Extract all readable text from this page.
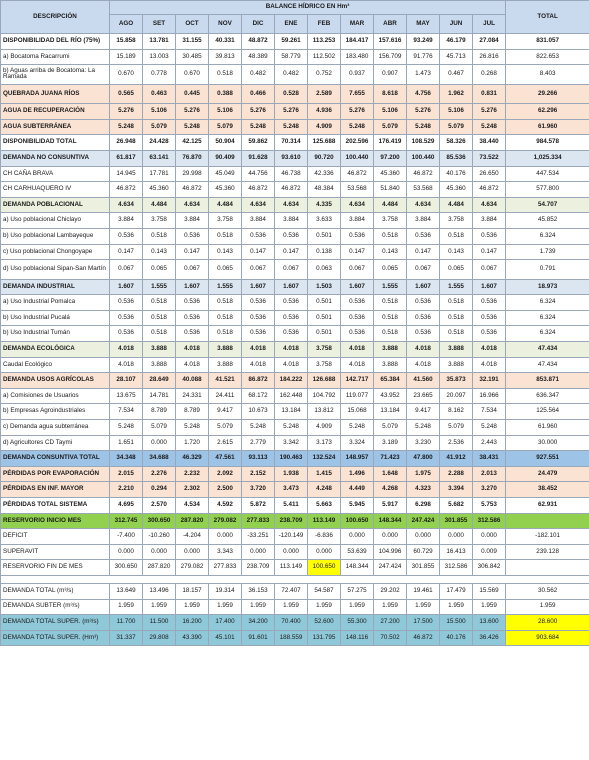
DESCRIPCIÓN	BALANCE HÍDRICO EN Hm³												TOTAL
	AGO	SET	OCT	NOV	DIC	ENE	FEB	MAR	ABR	MAY	JUN	JUL	
DISPONIBILIDAD DEL RÍO (75%)	15.858	13.781	31.155	40.331	48.872	59.261	113.253	184.417	157.616	93.249	46.179	27.084	831.057
a) Bocatoma Racarrumi	15.189	13.003	30.485	39.813	48.389	58.779	112.502	183.480	156.709	91.776	45.713	26.816	822.653
b) Aguas arriba de Bocatoma: La Ramada	0.670	0.778	0.670	0.518	0.482	0.482	0.752	0.937	0.907	1.473	0.467	0.268	8.403
QUEBRADA JUANA RÍOS	0.565	0.463	0.445	0.388	0.466	0.528	2.589	7.655	8.618	4.756	1.962	0.831	29.266
AGUA DE RECUPERACIÓN	5.276	5.106	5.276	5.106	5.276	5.276	4.936	5.276	5.106	5.276	5.106	5.276	62.296
AGUA SUBTERRÁNEA	5.248	5.079	5.248	5.079	5.248	5.248	4.909	5.248	5.079	5.248	5.079	5.248	61.960
DISPONIBILIDAD TOTAL	26.948	24.428	42.125	50.904	59.862	70.314	125.688	202.596	176.419	108.529	58.326	38.440	984.578
DEMANDA NO CONSUNTIVA	61.817	63.141	76.870	90.409	91.628	93.610	90.720	100.440	97.200	100.440	85.536	73.522	1,025.334
CH CAÑA BRAVA	14.945	17.781	29.998	45.049	44.756	46.738	42.336	46.872	45.360	46.872	40.176	26.650	447.534
CH CARHUAQUERO IV	46.872	45.360	46.872	45.360	46.872	46.872	48.384	53.568	51.840	53.568	45.360	46.872	577.800
DEMANDA POBLACIONAL	4.634	4.484	4.634	4.484	4.634	4.634	4.335	4.634	4.484	4.634	4.484	4.634	54.707
a) Uso poblacional Chiclayo	3.884	3.758	3.884	3.758	3.884	3.884	3.633	3.884	3.758	3.884	3.758	3.884	45.852
b) Uso poblacional Lambayeque	0.536	0.518	0.536	0.518	0.536	0.536	0.501	0.536	0.518	0.536	0.518	0.536	6.324
c) Uso poblacional Chongoyape	0.147	0.143	0.147	0.143	0.147	0.147	0.138	0.147	0.143	0.147	0.143	0.147	1.739
d) Uso poblacional Sipan-San Martín	0.067	0.065	0.067	0.065	0.067	0.067	0.063	0.067	0.065	0.067	0.065	0.067	0.791
DEMANDA INDUSTRIAL	1.607	1.555	1.607	1.555	1.607	1.607	1.503	1.607	1.555	1.607	1.555	1.607	18.973
a) Uso Industrial Pomalca	0.536	0.518	0.536	0.518	0.536	0.536	0.501	0.536	0.518	0.536	0.518	0.536	6.324
b) Uso Industrial Pucalá	0.536	0.518	0.536	0.518	0.536	0.536	0.501	0.536	0.518	0.536	0.518	0.536	6.324
b) Uso Industrial Tumán	0.536	0.518	0.536	0.518	0.536	0.536	0.501	0.536	0.518	0.536	0.518	0.536	6.324
DEMANDA ECOLÓGICA	4.018	3.888	4.018	3.888	4.018	4.018	3.758	4.018	3.888	4.018	3.888	4.018	47.434
Caudal Ecológico	4.018	3.888	4.018	3.888	4.018	4.018	3.758	4.018	3.888	4.018	3.888	4.018	47.434
DEMANDA USOS AGRÍCOLAS	28.107	28.649	40.088	41.521	86.872	184.222	126.688	142.717	65.384	41.560	35.873	32.191	853.871
a) Comisiones de Usuarios	13.675	14.781	24.331	24.411	68.172	162.448	104.792	119.077	43.952	23.665	20.097	16.966	636.347
b) Empresas Agroindustriales	7.534	8.789	8.789	9.417	10.673	13.184	13.812	15.068	13.184	9.417	8.162	7.534	125.564
c) Demanda agua subterránea	5.248	5.079	5.248	5.079	5.248	5.248	4.909	5.248	5.079	5.248	5.079	5.248	61.960
d) Agricultores CD Taymi	1.651	0.000	1.720	2.615	2.779	3.342	3.173	3.324	3.189	3.230	2.536	2.443	30.000
DEMANDA CONSUNTIVA TOTAL	34.348	34.688	46.329	47.561	93.113	190.463	132.524	148.957	71.423	47.800	41.912	38.431	927.551
PÉRDIDAS POR EVAPORACIÓN	2.015	2.276	2.232	2.092	2.152	1.938	1.415	1.496	1.648	1.975	2.288	2.013	24.479
PÉRDIDAS EN INF. MAYOR	2.210	0.294	2.302	2.500	3.720	3.473	4.248	4.449	4.268	4.323	3.394	3.270	38.452
PÉRDIDAS TOTAL SISTEMA	4.695	2.570	4.534	4.592	5.872	5.411	5.663	5.945	5.917	6.298	5.682	5.753	62.931
RESERVORIO INICIO MES	312.745	300.650	287.820	279.082	277.833	238.709	113.149	100.650	148.344	247.424	301.855	312.586	
DEFICIT	-7.400	-10.260	-4.204	0.000	-33.251	-120.149	-6.836	0.000	0.000	0.000	0.000	0.000	-182.101
SUPERAVIT	0.000	0.000	0.000	3.343	0.000	0.000	0.000	53.639	104.996	60.729	16.413	0.009	239.128
RESERVORIO FIN DE MES	300.650	287.820	279.082	277.833	238.709	113.149	100.650	148.344	247.424	301.855	312.586	306.842	

DEMANDA TOTAL (m³/s)	13.649	13.496	18.157	19.314	36.153	72.407	54.587	57.275	29.202	19.461	17.479	15.569	30.562
DEMANDA SUBTER (m³/s)	1.959	1.959	1.959	1.959	1.959	1.959	1.959	1.959	1.959	1.959	1.959	1.959	1.959
DEMANDA TOTAL SUPER. (m³/s)	11.700	11.500	16.200	17.400	34.200	70.400	52.600	55.300	27.200	17.500	15.500	13.600	28.600
DEMANDA TOTAL SUPER. (Hm³)	31.337	29.808	43.390	45.101	91.601	188.559	131.795	148.116	70.502	46.872	40.176	36.426	903.684
